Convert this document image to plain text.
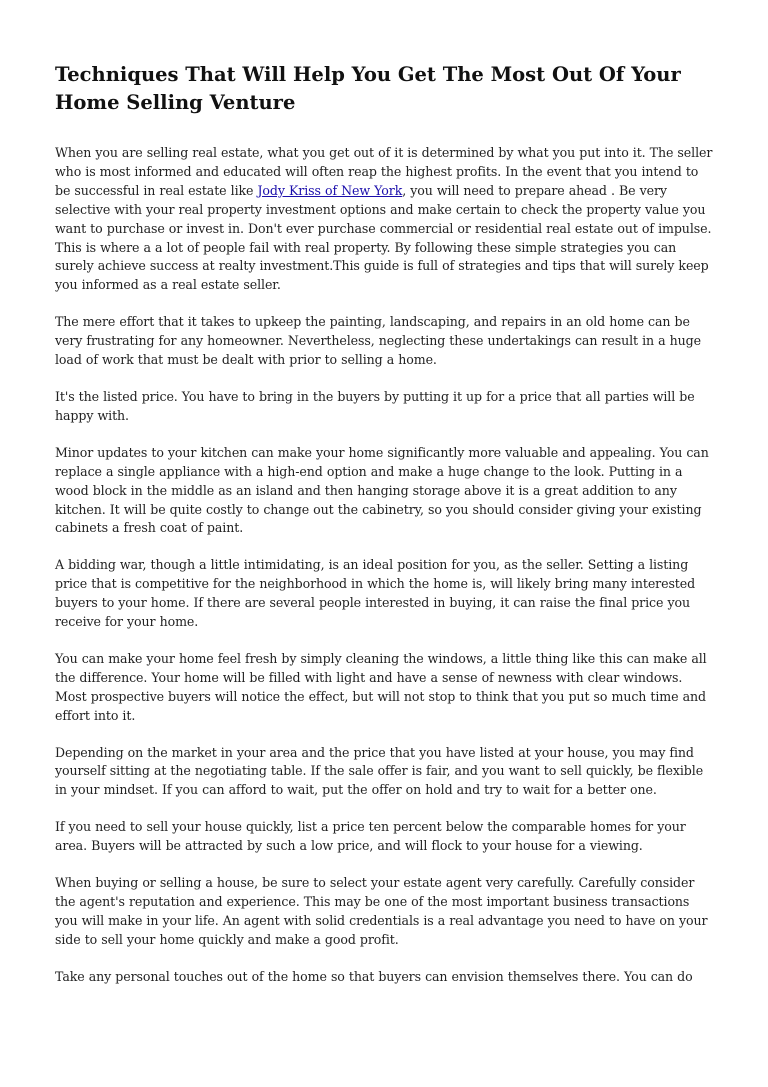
Techniques That Will Help You Get The Most Out Of Your
Home Selling Venture

When you are selling real estate, what you get out of it is determined by what you put into it. The seller who is most informed and educated will often reap the highest profits. In the event that you intend to be successful in real estate like Jody Kriss of New York, you will need to prepare ahead . Be very selective with your real property investment options and make certain to check the property value you want to purchase or invest in. Don't ever purchase commercial or residential real estate out of impulse. This is where a a lot of people fail with real property. By following these simple strategies you can surely achieve success at realty investment.This guide is full of strategies and tips that will surely keep you informed as a real estate seller.

The mere effort that it takes to upkeep the painting, landscaping, and repairs in an old home can be very frustrating for any homeowner. Nevertheless, neglecting these undertakings can result in a huge load of work that must be dealt with prior to selling a home.

It's the listed price. You have to bring in the buyers by putting it up for a price that all parties will be happy with.

Minor updates to your kitchen can make your home significantly more valuable and appealing. You can replace a single appliance with a high-end option and make a huge change to the look. Putting in a wood block in the middle as an island and then hanging storage above it is a great addition to any kitchen. It will be quite costly to change out the cabinetry, so you should consider giving your existing cabinets a fresh coat of paint.

A bidding war, though a little intimidating, is an ideal position for you, as the seller. Setting a listing price that is competitive for the neighborhood in which the home is, will likely bring many interested buyers to your home. If there are several people interested in buying, it can raise the final price you receive for your home.

You can make your home feel fresh by simply cleaning the windows, a little thing like this can make all the difference. Your home will be filled with light and have a sense of newness with clear windows. Most prospective buyers will notice the effect, but will not stop to think that you put so much time and effort into it.

Depending on the market in your area and the price that you have listed at your house, you may find yourself sitting at the negotiating table. If the sale offer is fair, and you want to sell quickly, be flexible in your mindset. If you can afford to wait, put the offer on hold and try to wait for a better one.

If you need to sell your house quickly, list a price ten percent below the comparable homes for your area. Buyers will be attracted by such a low price, and will flock to your house for a viewing.

When buying or selling a house, be sure to select your estate agent very carefully. Carefully consider the agent's reputation and experience. This may be one of the most important business transactions you will make in your life. An agent with solid credentials is a real advantage you need to have on your side to sell your home quickly and make a good profit.

Take any personal touches out of the home so that buyers can envision themselves there. You can do
